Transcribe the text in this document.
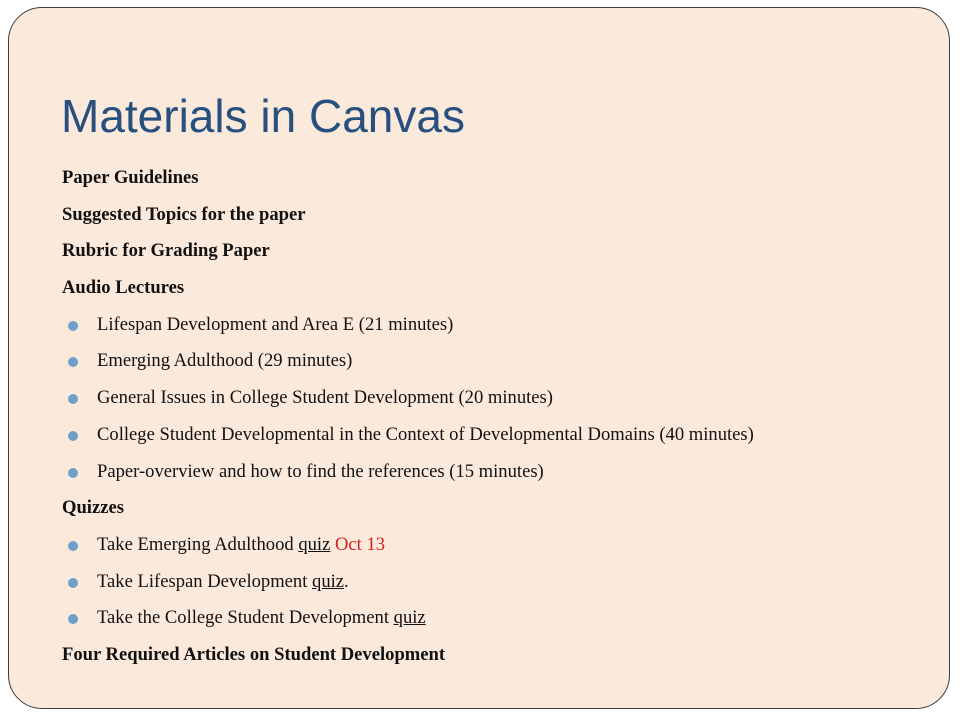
Materials in Canvas
Paper Guidelines
Suggested Topics for the paper
Rubric for Grading Paper
Audio Lectures
Lifespan Development and Area E (21 minutes)
Emerging Adulthood (29 minutes)
General Issues in College Student Development (20 minutes)
College Student Developmental in the Context of Developmental Domains (40 minutes)
Paper-overview and how to find the references (15 minutes)
Quizzes
Take Emerging Adulthood quiz Oct 13
Take Lifespan Development quiz.
Take the College Student Development quiz
Four Required Articles on Student Development
